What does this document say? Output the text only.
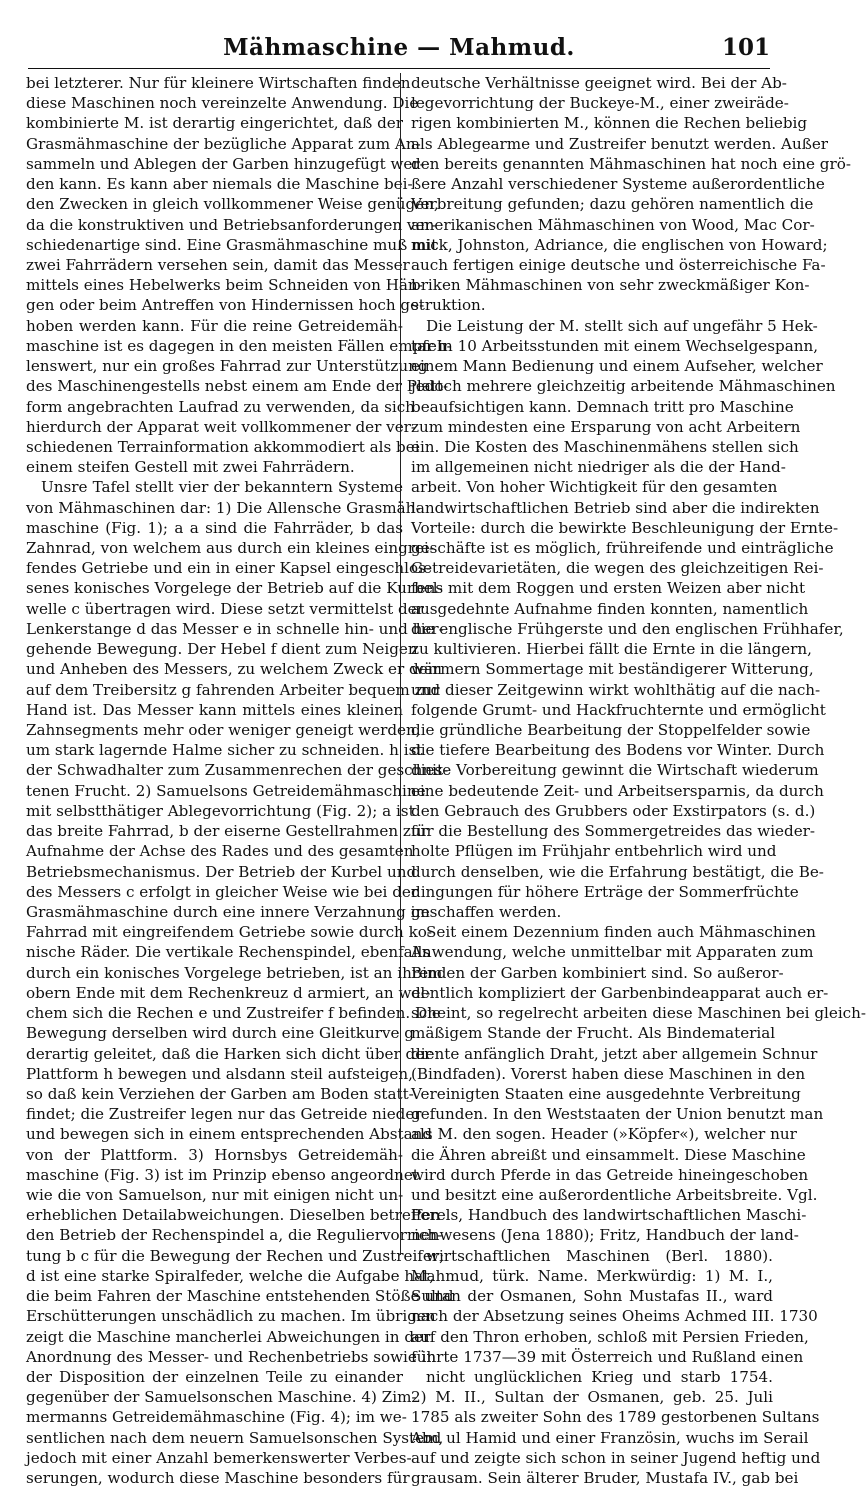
Mähmaschine — Mahmud.	101
bei letzterer. Nur für kleinere Wirtschaften finden
diese Maschinen noch vereinzelte Anwendung. Die
kombinierte M. ist derartig eingerichtet, daß der
Grasmähmaschine der bezügliche Apparat zum An-
sammeln und Ablegen der Garben hinzugefügt wer-
den kann. Es kann aber niemals die Maschine bei-
den Zwecken in gleich vollkommener Weise genügen,
da die konstruktiven und Betriebsanforderungen ver-
schiedenartige sind. Eine Grasmähmaschine muß mit
zwei Fahrrädern versehen sein, damit das Messer
mittels eines Hebelwerks beim Schneiden von Hän-
gen oder beim Antreffen von Hindernissen hoch ge-
hoben werden kann. Für die reine Getreidemäh-
maschine ist es dagegen in den meisten Fällen empfeh-
lenswert, nur ein großes Fahrrad zur Unterstützung
des Maschinengestells nebst einem am Ende der Platt-
form angebrachten Laufrad zu verwenden, da sich
hierdurch der Apparat weit vollkommener der ver-
schiedenen Terrainformation akkommodiert als bei
einem steifen Gestell mit zwei Fahrrädern.
Unsre Tafel stellt vier der bekanntern Systeme
von Mähmaschinen dar: 1) Die Allensche Grasmäh-
maschine (Fig. 1); a a sind die Fahrräder, b das
Zahnrad, von welchem aus durch ein kleines eingrei-
fendes Getriebe und ein in einer Kapsel eingeschlos-
senes konisches Vorgelege der Betrieb auf die Kurbel-
welle c übertragen wird. Diese setzt vermittelst der
Lenkerstange d das Messer e in schnelle hin- und her-
gehende Bewegung. Der Hebel f dient zum Neigen
und Anheben des Messers, zu welchem Zweck er dem
auf dem Treibersitz g fahrenden Arbeiter bequem zur
Hand ist. Das Messer kann mittels eines kleinen
Zahnsegments mehr oder weniger geneigt werden,
um stark lagernde Halme sicher zu schneiden. h ist
der Schwadhalter zum Zusammenrechen der geschnit-
tenen Frucht. 2) Samuelsons Getreidemähmaschine
mit selbstthätiger Ablegevorrichtung (Fig. 2); a ist
das breite Fahrrad, b der eiserne Gestellrahmen zur
Aufnahme der Achse des Rades und des gesamten
Betriebsmechanismus. Der Betrieb der Kurbel und
des Messers c erfolgt in gleicher Weise wie bei der
Grasmähmaschine durch eine innere Verzahnung im
Fahrrad mit eingreifendem Getriebe sowie durch ko-
nische Räder. Die vertikale Rechenspindel, ebenfalls
durch ein konisches Vorgelege betrieben, ist an ihrem
obern Ende mit dem Rechenkreuz d armiert, an wel-
chem sich die Rechen e und Zustreifer f befinden. Die
Bewegung derselben wird durch eine Gleitkurve g
derartig geleitet, daß die Harken sich dicht über der
Plattform h bewegen und alsdann steil aufsteigen,
so daß kein Verziehen der Garben am Boden statt-
findet; die Zustreifer legen nur das Getreide nieder
und bewegen sich in einem entsprechenden Abstand
von der Plattform. 3) Hornsbys Getreidemäh-
maschine (Fig. 3) ist im Prinzip ebenso angeordnet
wie die von Samuelson, nur mit einigen nicht un-
erheblichen Detailabweichungen. Dieselben betreffen
den Betrieb der Rechenspindel a, die Reguliervorrich-
tung b c für die Bewegung der Rechen und Zustreifer;
d ist eine starke Spiralfeder, welche die Aufgabe hat,
die beim Fahren der Maschine entstehenden Stöße und
Erschütterungen unschädlich zu machen. Im übrigen
zeigt die Maschine mancherlei Abweichungen in der
Anordnung des Messer- und Rechenbetriebs sowie in
der Disposition der einzelnen Teile zu einander
gegenüber der Samuelsonschen Maschine. 4) Zim-
mermanns Getreidemähmaschine (Fig. 4); im we-
sentlichen nach dem neuern Samuelsonschen System,
jedoch mit einer Anzahl bemerkenswerter Verbes-
serungen, wodurch diese Maschine besonders für
deutsche Verhältnisse geeignet wird. Bei der Ab-
legevorrichtung der Buckeye-M., einer zweiräde-
rigen kombinierten M., können die Rechen beliebig
als Ablegearme und Zustreifer benutzt werden. Außer
den bereits genannten Mähmaschinen hat noch eine grö-
ßere Anzahl verschiedener Systeme außerordentliche
Verbreitung gefunden; dazu gehören namentlich die
amerikanischen Mähmaschinen von Wood, Mac Cor-
mick, Johnston, Adriance, die englischen von Howard;
auch fertigen einige deutsche und österreichische Fa-
briken Mähmaschinen von sehr zweckmäßiger Kon-
struktion.
Die Leistung der M. stellt sich auf ungefähr 5 Hek-
tar in 10 Arbeitsstunden mit einem Wechselgespann,
einem Mann Bedienung und einem Aufseher, welcher
jedoch mehrere gleichzeitig arbeitende Mähmaschinen
beaufsichtigen kann. Demnach tritt pro Maschine
zum mindesten eine Ersparung von acht Arbeitern
ein. Die Kosten des Maschinenmähens stellen sich
im allgemeinen nicht niedriger als die der Hand-
arbeit. Von hoher Wichtigkeit für den gesamten
landwirtschaftlichen Betrieb sind aber die indirekten
Vorteile: durch die bewirkte Beschleunigung der Ernte-
geschäfte ist es möglich, frühreifende und einträgliche
Getreidevarietäten, die wegen des gleichzeitigen Rei-
fens mit dem Roggen und ersten Weizen aber nicht
ausgedehnte Aufnahme finden konnten, namentlich
die englische Frühgerste und den englischen Frühhafer,
zu kultivieren. Hierbei fällt die Ernte in die längern,
wärmern Sommertage mit beständigerer Witterung,
und dieser Zeitgewinn wirkt wohlthätig auf die nach-
folgende Grumt- und Hackfruchternte und ermöglicht
die gründliche Bearbeitung der Stoppelfelder sowie
die tiefere Bearbeitung des Bodens vor Winter. Durch
diese Vorbereitung gewinnt die Wirtschaft wiederum
eine bedeutende Zeit- und Arbeitsersparnis, da durch
den Gebrauch des Grubbers oder Exstirpators (s. d.)
für die Bestellung des Sommergetreides das wieder-
holte Pflügen im Frühjahr entbehrlich wird und
durch denselben, wie die Erfahrung bestätigt, die Be-
dingungen für höhere Erträge der Sommerfrüchte
geschaffen werden.
Seit einem Dezennium finden auch Mähmaschinen
Anwendung, welche unmittelbar mit Apparaten zum
Binden der Garben kombiniert sind. So außeror-
dentlich kompliziert der Garbenbindeapparat auch er-
scheint, so regelrecht arbeiten diese Maschinen bei gleich-
mäßigem Stande der Frucht. Als Bindematerial
diente anfänglich Draht, jetzt aber allgemein Schnur
(Bindfaden). Vorerst haben diese Maschinen in den
Vereinigten Staaten eine ausgedehnte Verbreitung
gefunden. In den Weststaaten der Union benutzt man
als M. den sogen. Header (»Köpfer«), welcher nur
die Ähren abreißt und einsammelt. Diese Maschine
wird durch Pferde in das Getreide hineingeschoben
und besitzt eine außerordentliche Arbeitsbreite. Vgl.
Perels, Handbuch des landwirtschaftlichen Maschi-
nenwesens (Jena 1880); Fritz, Handbuch der land-
wirtschaftlichen Maschinen (Berl. 1880).
Mahmud, türk. Name. Merkwürdig: 1) M. I.,
Sultan der Osmanen, Sohn Mustafas II., ward
nach der Absetzung seines Oheims Achmed III. 1730
auf den Thron erhoben, schloß mit Persien Frieden,
führte 1737—39 mit Österreich und Rußland einen
nicht unglücklichen Krieg und starb 1754.
2) M. II., Sultan der Osmanen, geb. 25. Juli
1785 als zweiter Sohn des 1789 gestorbenen Sultans
Abd ul Hamid und einer Französin, wuchs im Serail
auf und zeigte sich schon in seiner Jugend heftig und
grausam. Sein älterer Bruder, Mustafa IV., gab bei
